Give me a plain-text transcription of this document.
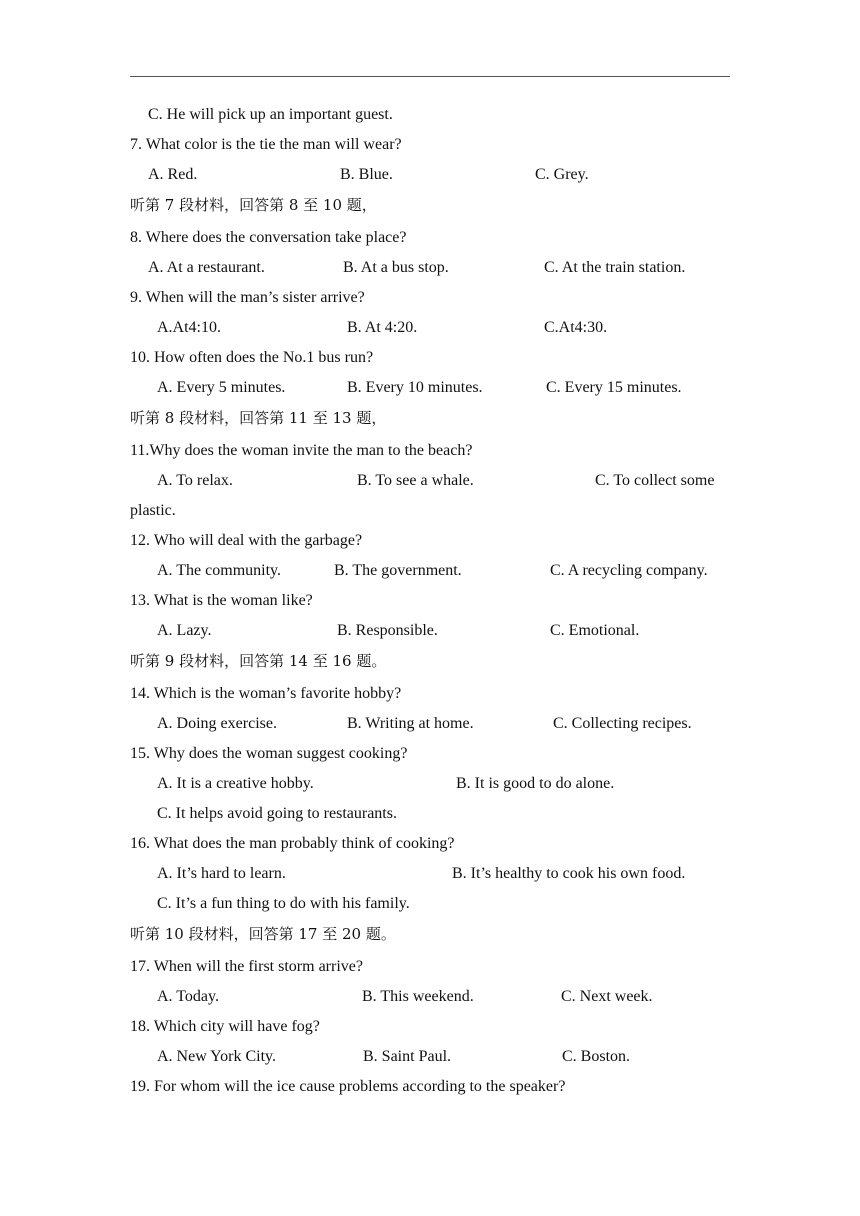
C. He will pick up an important guest.
7. What color is the tie the man will wear?
A. Red.	B. Blue.	C. Grey.
听第 7 段材料，回答第 8 至 10 题，
8. Where does the conversation take place?
A. At a restaurant.	B. At a bus stop.	C. At the train station.
9. When will the man’s sister arrive?
A.At4:10.	B. At 4:20.	C.At4:30.
10. How often does the No.1 bus run?
A. Every 5 minutes.	B. Every 10 minutes.	C. Every 15 minutes.
听第 8 段材料，回答第 11 至 13 题，
11.Why does the woman invite the man to the beach?
A. To relax.	B. To see a whale.	C. To collect some
plastic.
12. Who will deal with the garbage?
A. The community.	B. The government.	C. A recycling company.
13. What is the woman like?
A. Lazy.	B. Responsible.	C. Emotional.
听第 9 段材料，回答第 14 至 16 题。
14. Which is the woman’s favorite hobby?
A. Doing exercise.	B. Writing at home.	C. Collecting recipes.
15. Why does the woman suggest cooking?
A. It is a creative hobby.	B. It is good to do alone.
C. It helps avoid going to restaurants.
16. What does the man probably think of cooking?
A. It’s hard to learn.	B. It’s healthy to cook his own food.
C. It’s a fun thing to do with his family.
听第 10 段材料，回答第 17 至 20 题。
17. When will the first storm arrive?
A. Today.	B. This weekend.	C. Next week.
18. Which city will have fog?
A. New York City.	B. Saint Paul.	C. Boston.
19. For whom will the ice cause problems according to the speaker?
